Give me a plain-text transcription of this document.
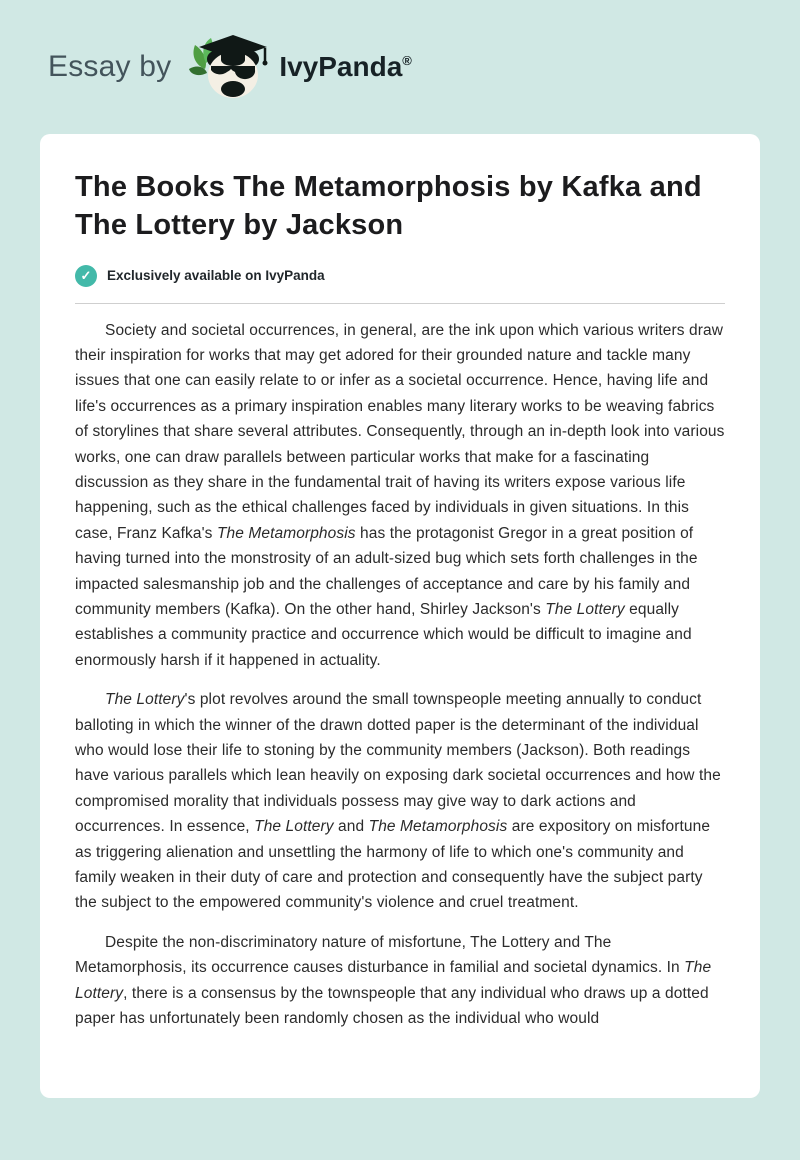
Essay by	IvyPanda ®
The Books The Metamorphosis by Kafka and The Lottery by Jackson
✓	Exclusively available on IvyPanda

Society and societal occurrences, in general, are the ink upon which various writers draw their inspiration for works that may get adored for their grounded nature and tackle many issues that one can easily relate to or infer as a societal occurrence. Hence, having life and life's occurrences as a primary inspiration enables many literary works to be weaving fabrics of storylines that share several attributes. Consequently, through an in-depth look into various works, one can draw parallels between particular works that make for a fascinating discussion as they share in the fundamental trait of having its writers expose various life happening, such as the ethical challenges faced by individuals in given situations. In this case, Franz Kafka's The Metamorphosis has the protagonist Gregor in a great position of having turned into the monstrosity of an adult-sized bug which sets forth challenges in the impacted salesmanship job and the challenges of acceptance and care by his family and community members (Kafka). On the other hand, Shirley Jackson's The Lottery equally establishes a community practice and occurrence which would be difficult to imagine and enormously harsh if it happened in actuality.

The Lottery's plot revolves around the small townspeople meeting annually to conduct balloting in which the winner of the drawn dotted paper is the determinant of the individual who would lose their life to stoning by the community members (Jackson). Both readings have various parallels which lean heavily on exposing dark societal occurrences and how the compromised morality that individuals possess may give way to dark actions and occurrences. In essence, The Lottery and The Metamorphosis are expository on misfortune as triggering alienation and unsettling the harmony of life to which one's community and family weaken in their duty of care and protection and consequently have the subject party the subject to the empowered community's violence and cruel treatment.

Despite the non-discriminatory nature of misfortune, The Lottery and The Metamorphosis, its occurrence causes disturbance in familial and societal dynamics. In The Lottery, there is a consensus by the townspeople that any individual who draws up a dotted paper has unfortunately been randomly chosen as the individual who would
